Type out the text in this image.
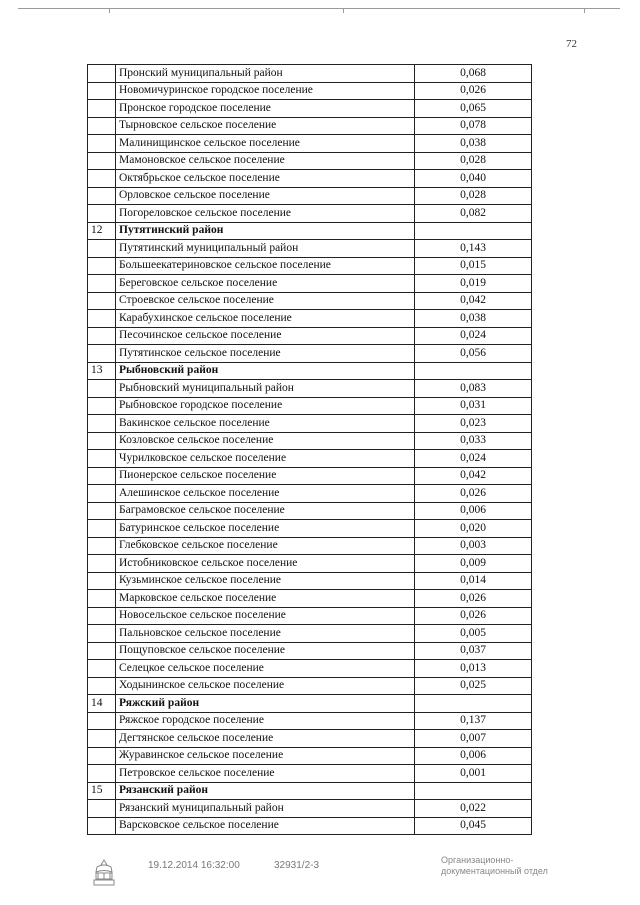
72
	Пронский муниципальный район	0,068
	Новомичуринское городское поселение	0,026
	Пронское городское поселение	0,065
	Тырновское сельское поселение	0,078
	Малинищинское сельское поселение	0,038
	Мамоновское сельское поселение	0,028
	Октябрьское сельское поселение	0,040
	Орловское сельское поселение	0,028
	Погореловское сельское поселение	0,082
12	Путятинский район	
	Путятинский муниципальный район	0,143
	Большеекатериновское сельское поселение	0,015
	Береговское сельское поселение	0,019
	Строевское сельское поселение	0,042
	Карабухинское сельское поселение	0,038
	Песочинское сельское поселение	0,024
	Путятинское сельское поселение	0,056
13	Рыбновский район	
	Рыбновский муниципальный район	0,083
	Рыбновское городское поселение	0,031
	Вакинское сельское поселение	0,023
	Козловское сельское поселение	0,033
	Чурилковское сельское поселение	0,024
	Пионерское сельское поселение	0,042
	Алешинское сельское поселение	0,026
	Баграмовское сельское поселение	0,006
	Батуринское сельское поселение	0,020
	Глебковское сельское поселение	0,003
	Истобниковское сельское поселение	0,009
	Кузьминское сельское поселение	0,014
	Марковское сельское поселение	0,026
	Новосельское сельское поселение	0,026
	Пальновское сельское поселение	0,005
	Пощуповское сельское поселение	0,037
	Селецкое сельское поселение	0,013
	Ходынинское сельское поселение	0,025
14	Ряжский район	
	Ряжское городское поселение	0,137
	Дегтянское сельское поселение	0,007
	Журавинское сельское поселение	0,006
	Петровское сельское поселение	0,001
15	Рязанский район	
	Рязанский муниципальный район	0,022
	Варсковское сельское поселение	0,045
19.12.2014 16:32:00	32931/2-3	Организационно-
документационный отдел
